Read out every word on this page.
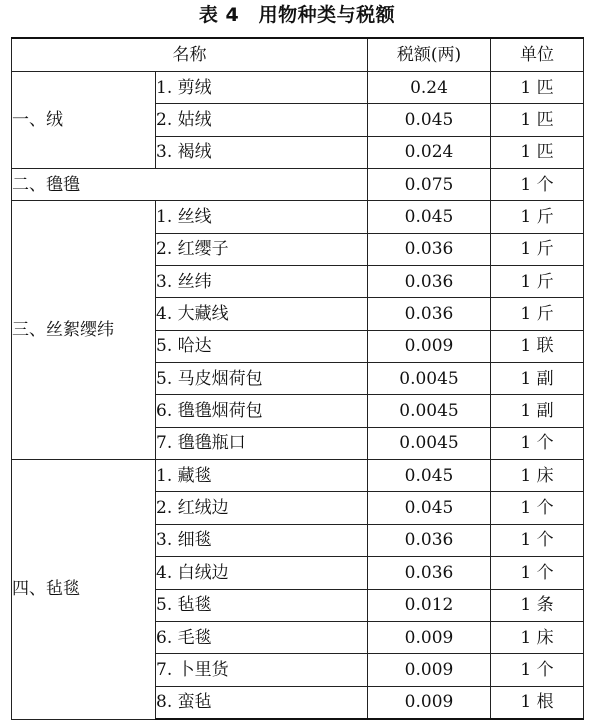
表 4　用物种类与税额
名称		税额(两)	单位
一、绒	1. 剪绒	0.24	1 匹
	2. 姑绒	0.045	1 匹
	3. 褐绒	0.024	1 匹
二、氇氇		0.075	1 个
三、丝絮缨纬	1. 丝线	0.045	1 斤
	2. 红缨子	0.036	1 斤
	3. 丝纬	0.036	1 斤
	4. 大藏线	0.036	1 斤
	5. 哈达	0.009	1 联
	5. 马皮烟荷包	0.0045	1 副
	6. 氇氇烟荷包	0.0045	1 副
	7. 氇氇瓶口	0.0045	1 个
四、毡毯	1. 藏毯	0.045	1 床
	2. 红绒边	0.045	1 个
	3. 细毯	0.036	1 个
	4. 白绒边	0.036	1 个
	5. 毡毯	0.012	1 条
	6. 毛毯	0.009	1 床
	7. 卜里货	0.009	1 个
	8. 蛮毡	0.009	1 根
